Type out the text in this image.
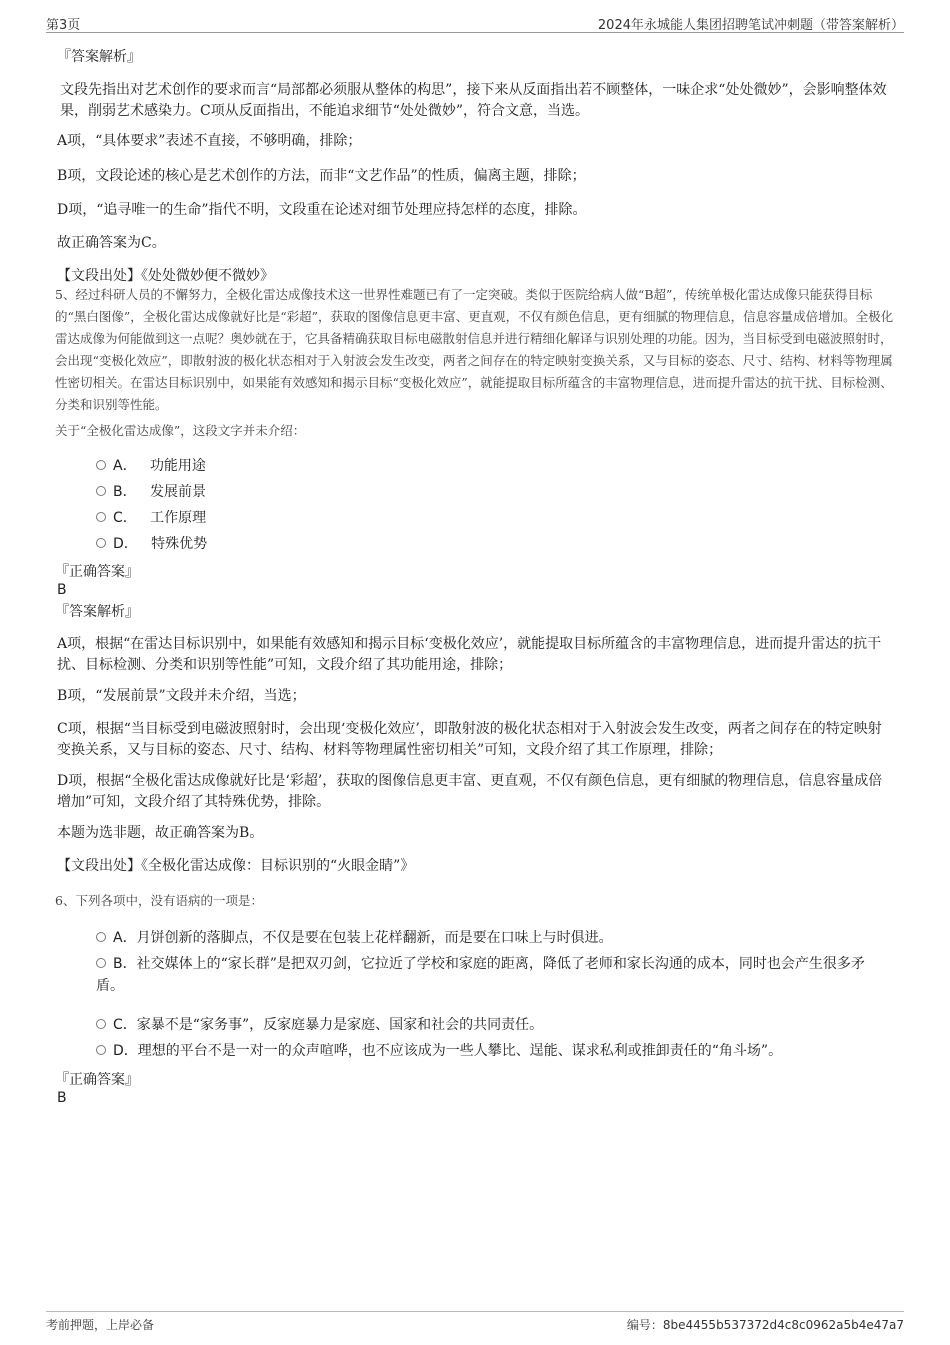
第3页	2024年永城能人集团招聘笔试冲刺题（带答案解析）
『答案解析』
文段先指出对艺术创作的要求而言“局部都必须服从整体的构思”，接下来从反面指出若不顾整体，一味企求“处处微妙”，会影响整体效果，削弱艺术感染力。C项从反面指出，不能追求细节“处处微妙”，符合文意，当选。
A项，“具体要求”表述不直接，不够明确，排除；
B项，文段论述的核心是艺术创作的方法，而非“文艺作品”的性质，偏离主题，排除；
D项，“追寻唯一的生命”指代不明，文段重在论述对细节处理应持怎样的态度，排除。
故正确答案为C。
【文段出处】《处处微妙便不微妙》
5、经过科研人员的不懈努力，全极化雷达成像技术这一世界性难题已有了一定突破。类似于医院给病人做“B超”，传统单极化雷达成像只能获得目标的“黑白图像”，全极化雷达成像就好比是“彩超”，获取的图像信息更丰富、更直观，不仅有颜色信息，更有细腻的物理信息，信息容量成倍增加。全极化雷达成像为何能做到这一点呢？奥妙就在于，它具备精确获取目标电磁散射信息并进行精细化解译与识别处理的功能。因为，当目标受到电磁波照射时，会出现“变极化效应”，即散射波的极化状态相对于入射波会发生改变，两者之间存在的特定映射变换关系，又与目标的姿态、尺寸、结构、材料等物理属性密切相关。在雷达目标识别中，如果能有效感知和揭示目标“变极化效应”，就能提取目标所蕴含的丰富物理信息，进而提升雷达的抗干扰、目标检测、分类和识别等性能。
关于“全极化雷达成像”，这段文字并未介绍：
A． 功能用途
B． 发展前景
C． 工作原理
D． 特殊优势
『正确答案』
B
『答案解析』
A项，根据“在雷达目标识别中，如果能有效感知和揭示目标‘变极化效应’，就能提取目标所蕴含的丰富物理信息，进而提升雷达的抗干扰、目标检测、分类和识别等性能”可知，文段介绍了其功能用途，排除；
B项，“发展前景”文段并未介绍，当选；
C项，根据“当目标受到电磁波照射时，会出现‘变极化效应’，即散射波的极化状态相对于入射波会发生改变，两者之间存在的特定映射变换关系，又与目标的姿态、尺寸、结构、材料等物理属性密切相关”可知，文段介绍了其工作原理，排除；
D项，根据“全极化雷达成像就好比是‘彩超’，获取的图像信息更丰富、更直观，不仅有颜色信息，更有细腻的物理信息，信息容量成倍增加”可知，文段介绍了其特殊优势，排除。
本题为选非题，故正确答案为B。
【文段出处】《全极化雷达成像：目标识别的“火眼金睛”》
6、下列各项中，没有语病的一项是：
A．月饼创新的落脚点，不仅是要在包装上花样翻新，而是要在口味上与时俱进。
B．社交媒体上的“家长群”是把双刃剑，它拉近了学校和家庭的距离，降低了老师和家长沟通的成本，同时也会产生很多矛盾。
C．家暴不是“家务事”，反家庭暴力是家庭、国家和社会的共同责任。
D．理想的平台不是一对一的众声喧哗，也不应该成为一些人攀比、逞能、谋求私利或推卸责任的“角斗场”。
『正确答案』
B
考前押题，上岸必备	编号：8be4455b537372d4c8c0962a5b4e47a7
